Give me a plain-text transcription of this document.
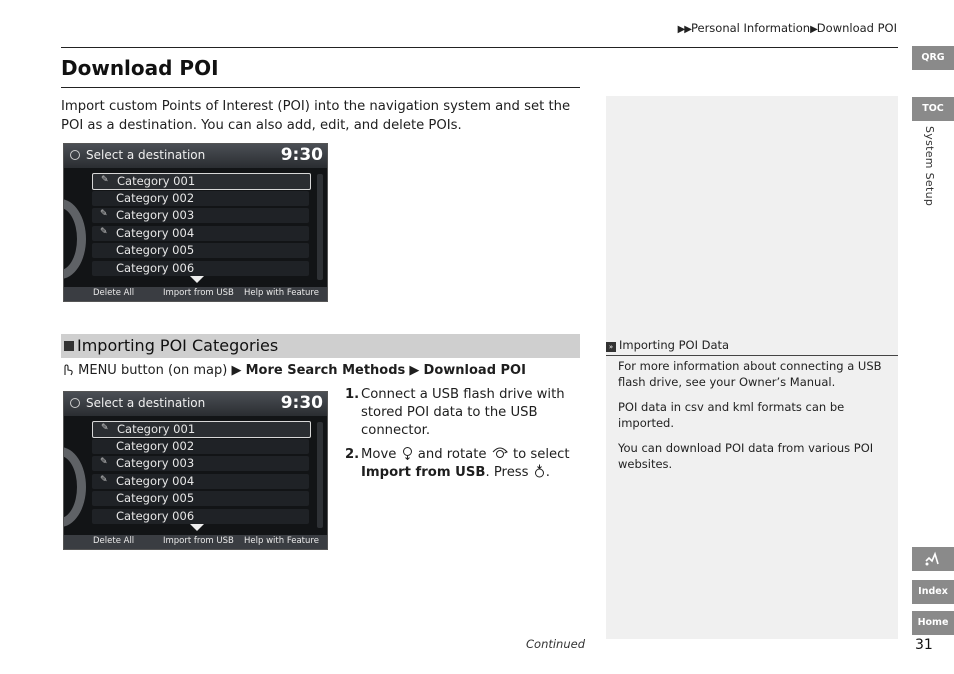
▶▶Personal Information▶Download POI
Download POI
Import custom Points of Interest (POI) into the navigation system and set the POI as a destination. You can also add, edit, and delete POIs.
QRG
TOC
System Setup
Index
Home
31
Select a destination	9:30
✎ Category 001
Category 002
✎ Category 003
✎ Category 004
Category 005
Category 006
Delete All	Import from USB Help with Feature
Importing POI Categories
MENU button (on map) ▶ More Search Methods ▶ Download POI
Select a destination	9:30
✎ Category 001
Category 002
✎ Category 003
✎ Category 004
Category 005
Category 006
Delete All	Import from USB Help with Feature
1. Connect a USB flash drive with stored POI data to the USB connector.
2. Move and rotate to select Import from USB. Press .
» Importing POI Data

For more information about connecting a USB flash drive, see your Owner’s Manual.

POI data in csv and kml formats can be imported.

You can download POI data from various POI websites.

Continued
